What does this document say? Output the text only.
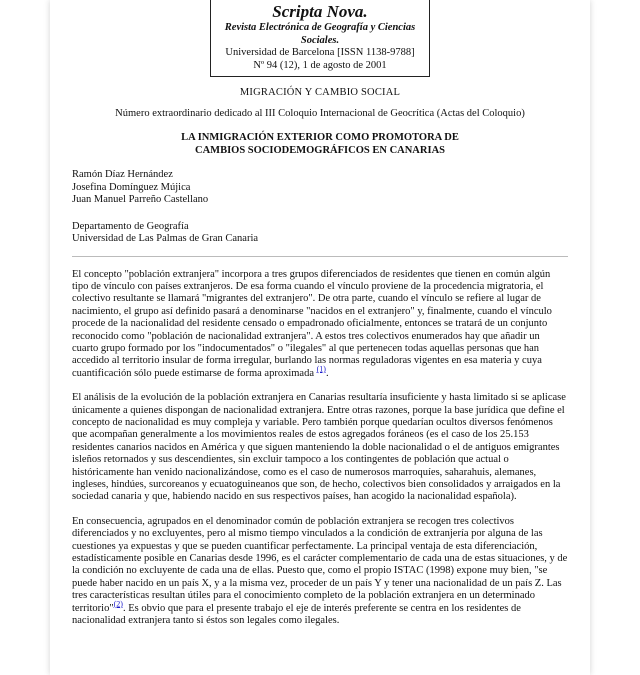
Scripta Nova.
Revista Electrónica de Geografía y Ciencias Sociales.
Universidad de Barcelona [ISSN 1138-9788]
Nº 94 (12), 1 de agosto de 2001
MIGRACIÓN Y CAMBIO SOCIAL
Número extraordinario dedicado al III Coloquio Internacional de Geocrítica (Actas del Coloquio)
LA INMIGRACIÓN EXTERIOR COMO PROMOTORA DE
CAMBIOS SOCIODEMOGRÁFICOS EN CANARIAS
Ramón Díaz Hernández
Josefina Domínguez Mújica
Juan Manuel Parreño Castellano
Departamento de Geografía
Universidad de Las Palmas de Gran Canaria

El concepto "población extranjera" incorpora a tres grupos diferenciados de residentes que tienen en común algún tipo de vínculo con países extranjeros. De esa forma cuando el vínculo proviene de la procedencia migratoria, el colectivo resultante se llamará "migrantes del extranjero". De otra parte, cuando el vínculo se refiere al lugar de nacimiento, el grupo así definido pasará a denominarse "nacidos en el extranjero" y, finalmente, cuando el vínculo procede de la nacionalidad del residente censado o empadronado oficialmente, entonces se tratará de un conjunto reconocido como "población de nacionalidad extranjera". A estos tres colectivos enumerados hay que añadir un cuarto grupo formado por los "indocumentados" o "ilegales" al que pertenecen todas aquellas personas que han accedido al territorio insular de forma irregular, burlando las normas reguladoras vigentes en esa materia y cuya cuantificación sólo puede estimarse de forma aproximada $^{(1)}$.

El análisis de la evolución de la población extranjera en Canarias resultaría insuficiente y hasta limitado si se aplicase únicamente a quienes dispongan de nacionalidad extranjera. Entre otras razones, porque la base jurídica que define el concepto de nacionalidad es muy compleja y variable. Pero también porque quedarían ocultos diversos fenómenos que acompañan generalmente a los movimientos reales de estos agregados foráneos (es el caso de los 25.153 residentes canarios nacidos en América y que siguen manteniendo la doble nacionalidad o el de antiguos emigrantes isleños retornados y sus descendientes, sin excluir tampoco a los contingentes de población que actual o históricamente han venido nacionalizándose, como es el caso de numerosos marroquíes, saharahuis, alemanes, ingleses, hindúes, surcoreanos y ecuatoguineanos que son, de hecho, colectivos bien consolidados y arraigados en la sociedad canaria y que, habiendo nacido en sus respectivos países, han acogido la nacionalidad española).

En consecuencia, agrupados en el denominador común de población extranjera se recogen tres colectivos diferenciados y no excluyentes, pero al mismo tiempo vinculados a la condición de extranjería por alguna de las cuestiones ya expuestas y que se pueden cuantificar perfectamente. La principal ventaja de esta diferenciación, estadísticamente posible en Canarias desde 1996, es el carácter complementario de cada una de estas situaciones, y de la condición no excluyente de cada una de ellas. Puesto que, como el propio ISTAC (1998) expone muy bien, "se puede haber nacido en un país X, y a la misma vez, proceder de un país Y y tener una nacionalidad de un país Z. Las tres características resultan útiles para el conocimiento completo de la población extranjera en un determinado territorio"$^{(2)}$. Es obvio que para el presente trabajo el eje de interés preferente se centra en los residentes de nacionalidad extranjera tanto si éstos son legales como ilegales.
